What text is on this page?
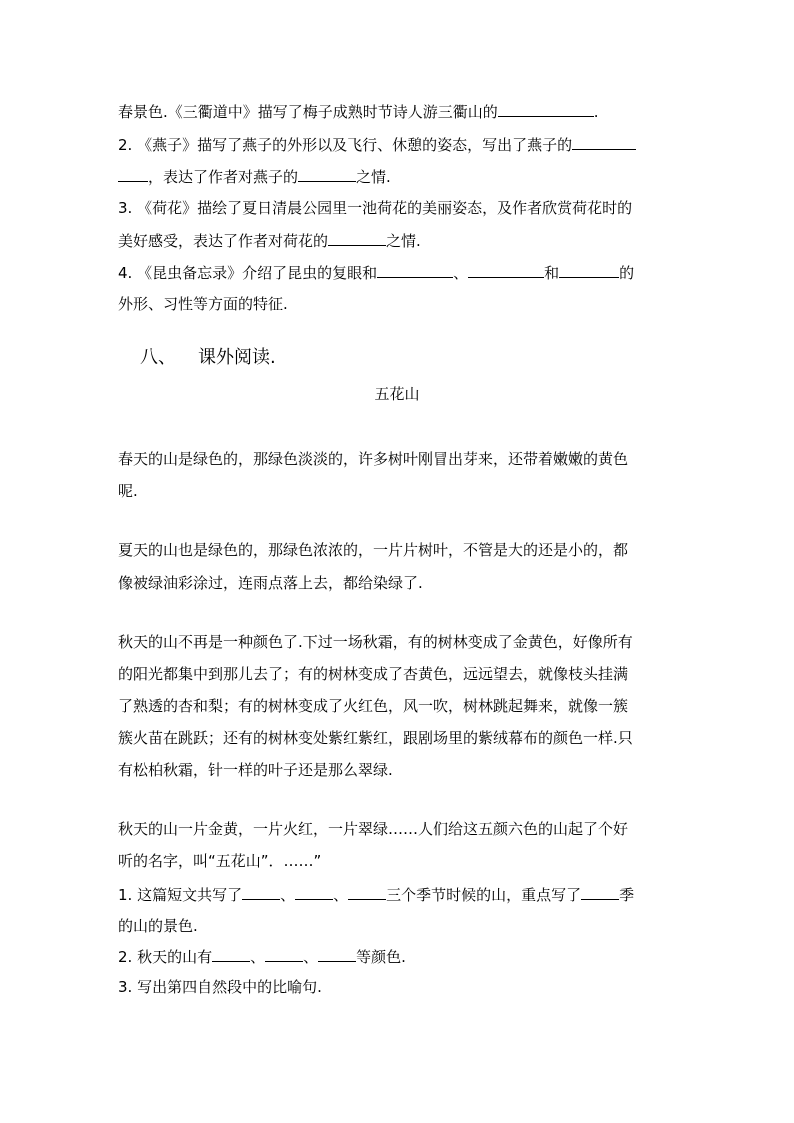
春景色.《三衢道中》描写了梅子成熟时节诗人游三衢山的	.
2. 《燕子》描写了燕子的外形以及飞行、休憩的姿态，写出了燕子的
，表达了作者对燕子的	之情.
3. 《荷花》描绘了夏日清晨公园里一池荷花的美丽姿态，及作者欣赏荷花时的
美好感受，表达了作者对荷花的	之情.
4. 《昆虫备忘录》介绍了昆虫的复眼和	、	和	的
外形、习性等方面的特征.
八、 课外阅读.
五花山
春天的山是绿色的，那绿色淡淡的，许多树叶刚冒出芽来，还带着嫩嫩的黄色
呢.
夏天的山也是绿色的，那绿色浓浓的，一片片树叶，不管是大的还是小的，都
像被绿油彩涂过，连雨点落上去，都给染绿了.
秋天的山不再是一种颜色了.下过一场秋霜，有的树林变成了金黄色，好像所有
的阳光都集中到那儿去了；有的树林变成了杏黄色，远远望去，就像枝头挂满
了熟透的杏和梨；有的树林变成了火红色，风一吹，树林跳起舞来，就像一簇
簇火苗在跳跃；还有的树林变处紫红紫红，跟剧场里的紫绒幕布的颜色一样.只
有松柏秋霜，针一样的叶子还是那么翠绿.
秋天的山一片金黄，一片火红，一片翠绿……人们给这五颜六色的山起了个好
听的名字，叫“五花山”．……”
1. 这篇短文共写了	、	、	三个季节时候的山，重点写了	季
的山的景色.
2. 秋天的山有	、	、	等颜色.
3. 写出第四自然段中的比喻句.
